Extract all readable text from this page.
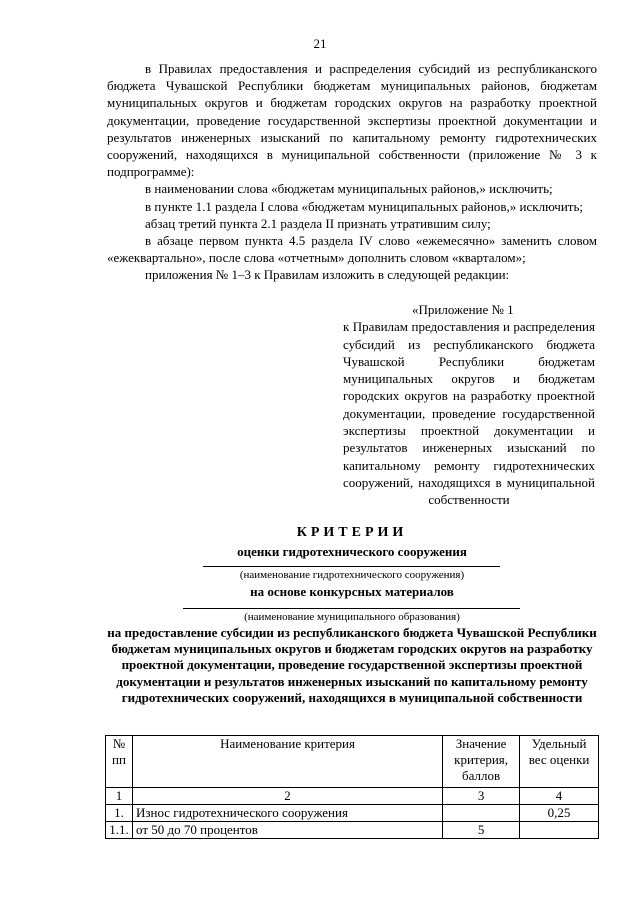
21

в Правилах предоставления и распределения субсидий из республиканского бюджета Чувашской Республики бюджетам муниципальных районов, бюджетам муниципальных округов и бюджетам городских округов на разработку проектной документации, проведение государственной экспертизы проектной документации и результатов инженерных изысканий по капитальному ремонту гидротехнических сооружений, находящихся в муниципальной собственности (приложение № 3 к подпрограмме):

в наименовании слова «бюджетам муниципальных районов,» исключить;

в пункте 1.1 раздела I слова «бюджетам муниципальных районов,» исключить;

абзац третий пункта 2.1 раздела II признать утратившим силу;

в абзаце первом пункта 4.5 раздела IV слово «ежемесячно» заменить словом «ежеквартально», после слова «отчетным» дополнить словом «кварталом»;

приложения № 1–3 к Правилам изложить в следующей редакции:

«Приложение № 1
к Правилам предоставления и распределения субсидий из республиканского бюджета Чувашской Республики бюджетам муниципальных округов и бюджетам городских округов на разработку проектной документации, проведение государственной экспертизы проектной документации и результатов инженерных изысканий по капитальному ремонту гидротехнических сооружений, находящихся в муниципальной собственности
КРИТЕРИИ
оценки гидротехнического сооружения
(наименование гидротехнического сооружения)
на основе конкурсных материалов
(наименование муниципального образования)
на предоставление субсидии из республиканского бюджета Чувашской Республики бюджетам муниципальных округов и бюджетам городских округов на разработку проектной документации, проведение государственной экспертизы проектной документации и результатов инженерных изысканий по капитальному ремонту гидротехнических сооружений, находящихся в муниципальной собственности
№ пп	Наименование критерия	Значение критерия, баллов	Удельный вес оценки
1	2	3	4
1.	Износ гидротехнического сооружения		0,25
1.1.	от 50 до 70 процентов	5	
